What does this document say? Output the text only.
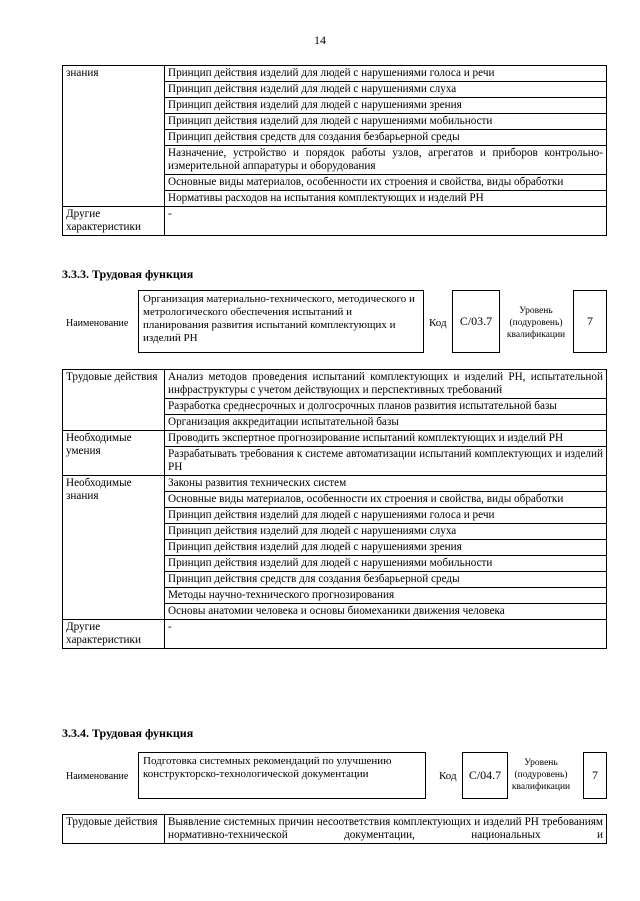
14
знания	Принцип действия изделий для людей с нарушениями голоса и речи
	Принцип действия изделий для людей с нарушениями слуха
	Принцип действия изделий для людей с нарушениями зрения
	Принцип действия изделий для людей с нарушениями мобильности
	Принцип действия средств для создания безбарьерной среды
	Назначение, устройство и порядок работы узлов, агрегатов и приборов контрольно-измерительной аппаратуры и оборудования
	Основные виды материалов, особенности их строения и свойства, виды обработки
	Нормативы расходов на испытания комплектующих и изделий РН
Другие характеристики	-
3.3.3. Трудовая функция
Наименование
Организация материально-технического, методического и метрологического обеспечения испытаний и планирования развития испытаний комплектующих и изделий РН
Код	C/03.7
Уровень (подуровень) квалификации
7
Трудовые действия	Анализ методов проведения испытаний комплектующих и изделий РН, испытательной инфраструктуры с учетом действующих и перспективных требований
	Разработка среднесрочных и долгосрочных планов развития испытательной базы
	Организация аккредитации испытательной базы
Необходимые умения	Проводить экспертное прогнозирование испытаний комплектующих и изделий РН
	Разрабатывать требования к системе автоматизации испытаний комплектующих и изделий РН
Необходимые знания	Законы развития технических систем
	Основные виды материалов, особенности их строения и свойства, виды обработки
	Принцип действия изделий для людей с нарушениями голоса и речи
	Принцип действия изделий для людей с нарушениями слуха
	Принцип действия изделий для людей с нарушениями зрения
	Принцип действия изделий для людей с нарушениями мобильности
	Принцип действия средств для создания безбарьерной среды
	Методы научно-технического прогнозирования
	Основы анатомии человека и основы биомеханики движения человека
Другие характеристики	-
3.3.4. Трудовая функция
Наименование
Подготовка системных рекомендаций по улучшению конструкторско-технологической документации	Код	C/04.7
Уровень (подуровень) квалификации
7
Трудовые действия	Выявление системных причин несоответствия комплектующих и изделий РН требованиям нормативно-технической документации, национальных и
